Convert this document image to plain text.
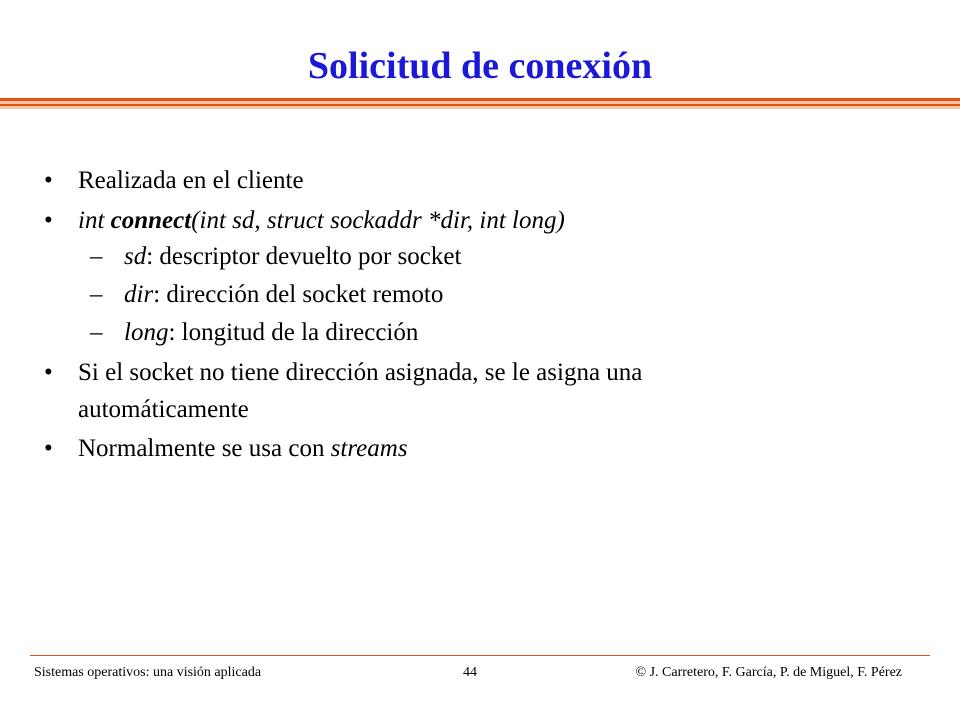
Solicitud de conexión
•	Realizada en el cliente
•	int connect(int sd, struct sockaddr *dir, int long)
– sd: descriptor devuelto por socket
– dir: dirección del socket remoto
– long: longitud de la dirección
•	Si el socket no tiene dirección asignada, se le asigna una
automáticamente
•	Normalmente se usa con streams
Sistemas operativos: una visión aplicada	44	© J. Carretero, F. García, P. de Miguel, F. Pérez
